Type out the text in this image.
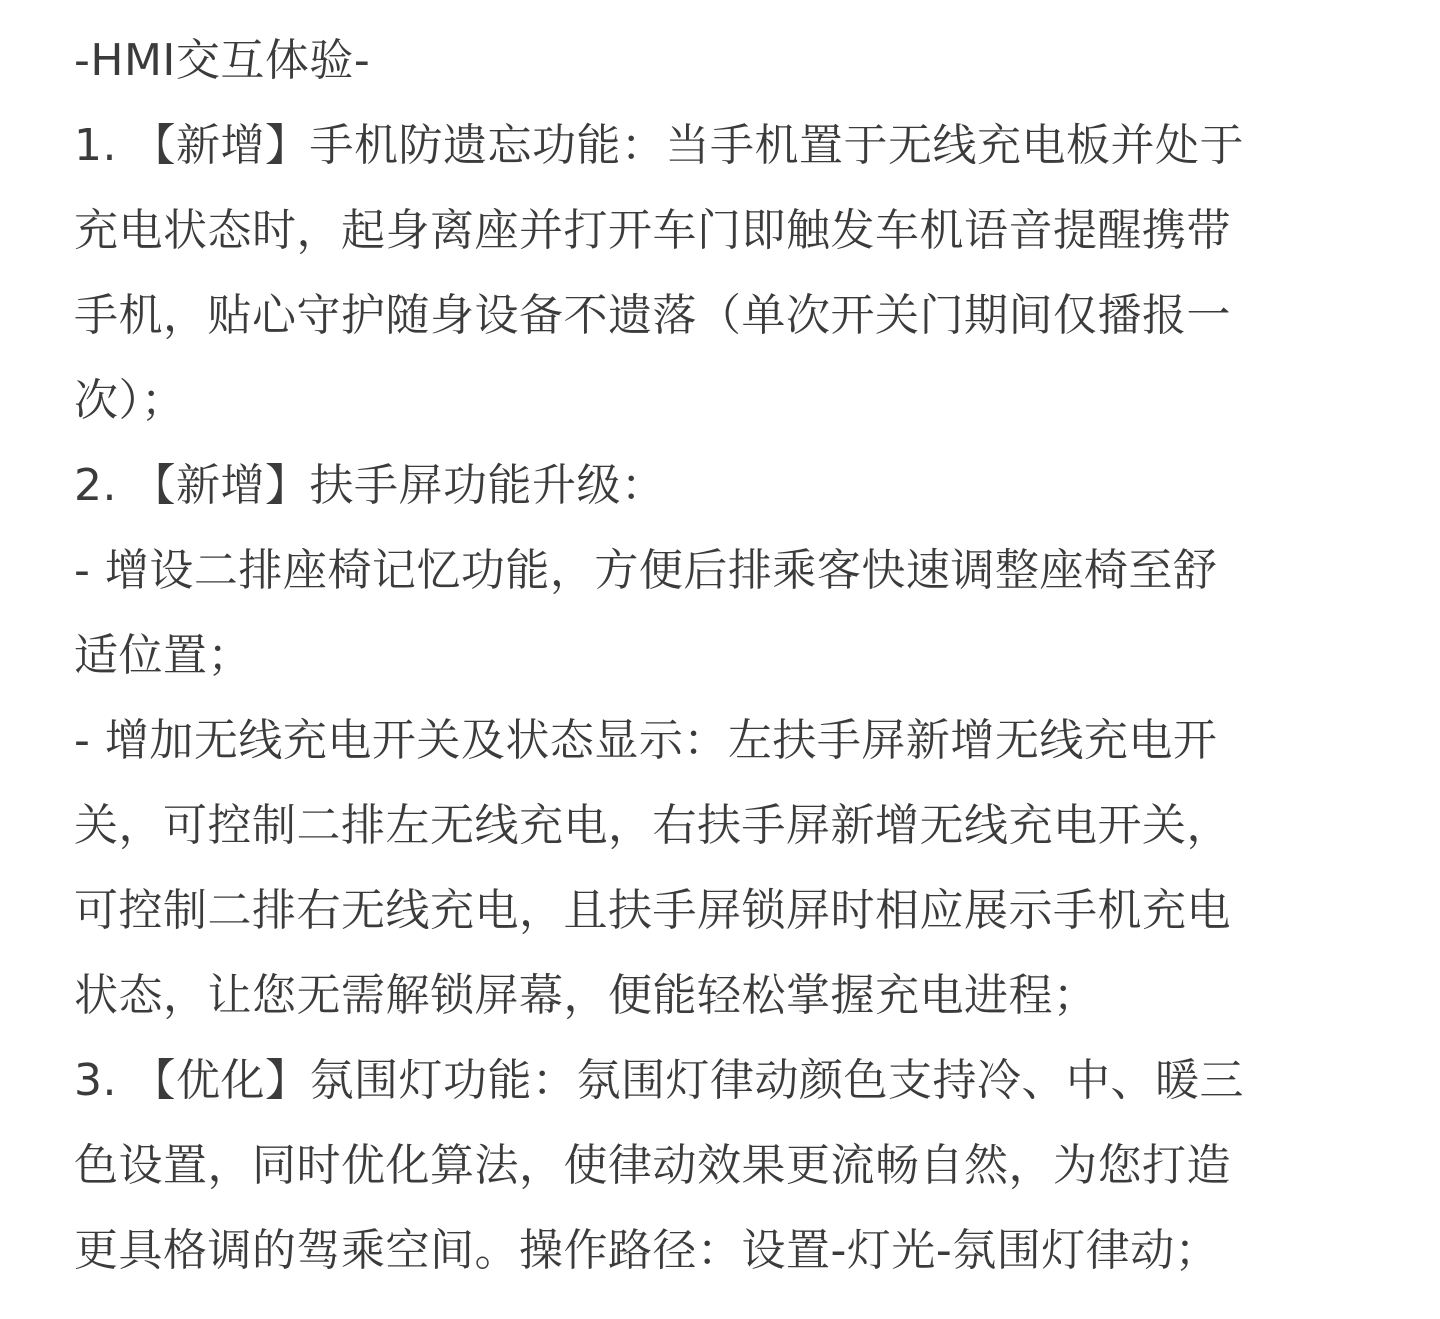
-HMI交互体验-
1. 【新增】手机防遗忘功能：当手机置于无线充电板并处于
充电状态时，起身离座并打开车门即触发车机语音提醒携带
手机，贴心守护随身设备不遗落（单次开关门期间仅播报一
次）；
2. 【新增】扶手屏功能升级：
- 增设二排座椅记忆功能，方便后排乘客快速调整座椅至舒
适位置；
- 增加无线充电开关及状态显示：左扶手屏新增无线充电开
关，可控制二排左无线充电，右扶手屏新增无线充电开关，
可控制二排右无线充电，且扶手屏锁屏时相应展示手机充电
状态，让您无需解锁屏幕，便能轻松掌握充电进程；
3. 【优化】氛围灯功能：氛围灯律动颜色支持冷、中、暖三
色设置，同时优化算法，使律动效果更流畅自然，为您打造
更具格调的驾乘空间。操作路径：设置-灯光-氛围灯律动；
